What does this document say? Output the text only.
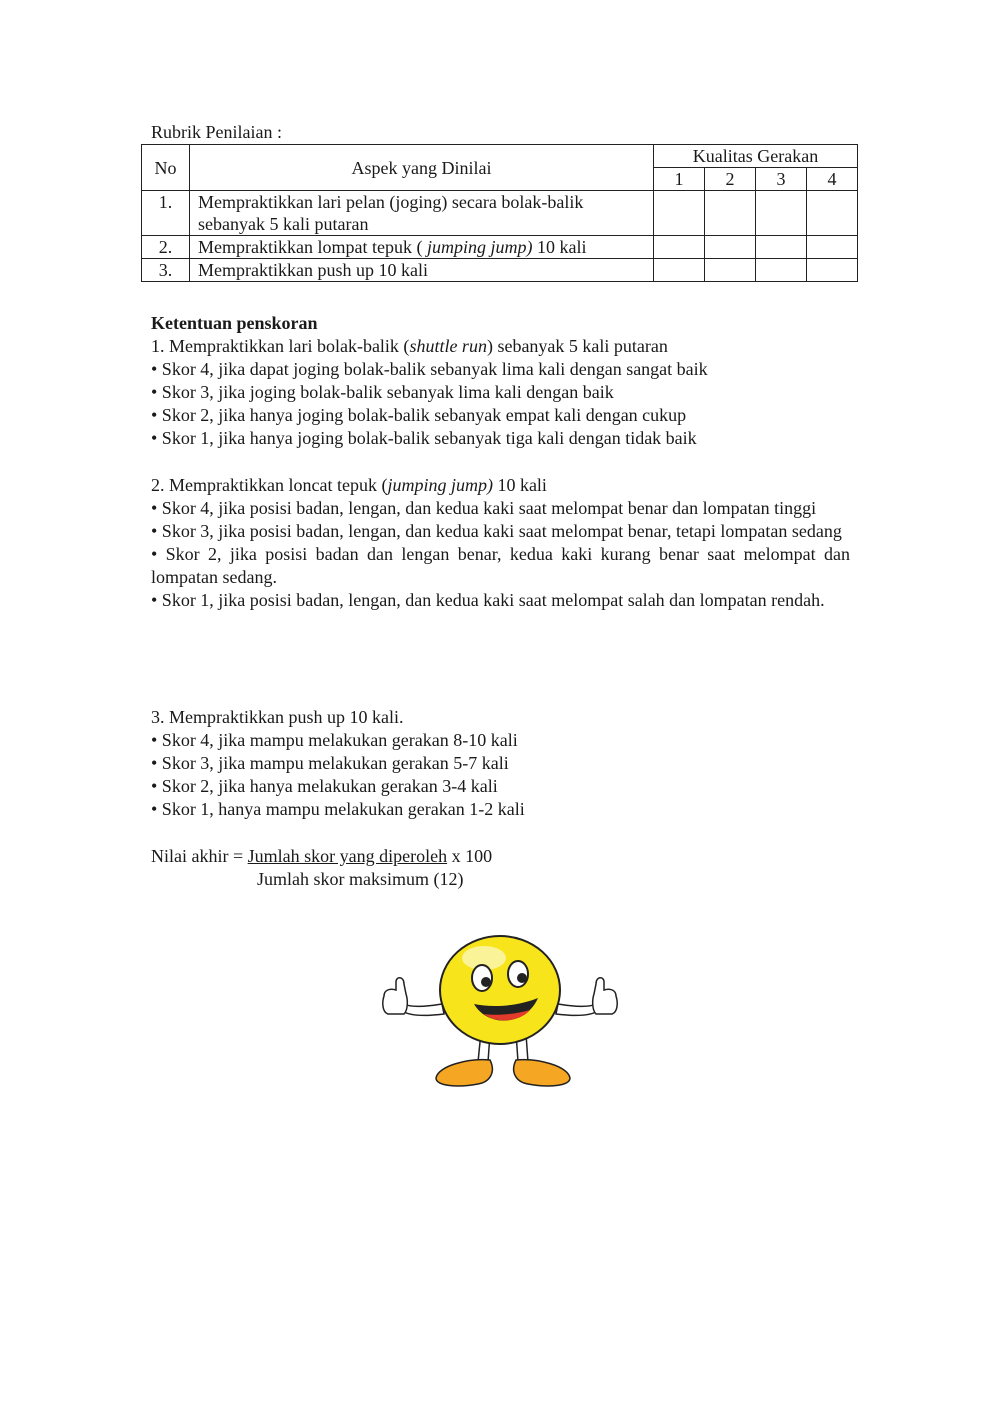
Rubrik Penilaian :
No	Aspek yang Dinilai	Kualitas Gerakan			
		1	2	3	4
1.	Mempraktikkan lari pelan (joging) secara bolak-balik sebanyak 5 kali putaran				
2.	Mempraktikkan lompat tepuk ( jumping jump) 10 kali				
3.	Mempraktikkan push up 10 kali				

Ketentuan penskoran

1. Mempraktikkan lari bolak-balik (shuttle run) sebanyak 5 kali putaran

• Skor 4, jika dapat joging bolak-balik sebanyak lima kali dengan sangat baik

• Skor 3, jika joging bolak-balik sebanyak lima kali dengan baik

• Skor 2, jika hanya joging bolak-balik sebanyak empat kali dengan cukup

• Skor 1, jika hanya joging bolak-balik sebanyak tiga kali dengan tidak baik

2. Mempraktikkan loncat tepuk (jumping jump) 10 kali

• Skor 4, jika posisi badan, lengan, dan kedua kaki saat melompat benar dan lompatan tinggi

• Skor 3, jika posisi badan, lengan, dan kedua kaki saat melompat benar, tetapi lompatan sedang

• Skor 2, jika posisi badan dan lengan benar, kedua kaki kurang benar saat melompat dan lompatan sedang.

• Skor 1, jika posisi badan, lengan, dan kedua kaki saat melompat salah dan lompatan rendah.

3. Mempraktikkan push up 10 kali.

• Skor 4, jika mampu melakukan gerakan 8-10 kali

• Skor 3, jika mampu melakukan gerakan 5-7 kali

• Skor 2, jika hanya melakukan gerakan 3-4 kali

• Skor 1, hanya mampu melakukan gerakan 1-2 kali

Nilai akhir = Jumlah skor yang diperoleh x 100
Jumlah skor maksimum (12)
